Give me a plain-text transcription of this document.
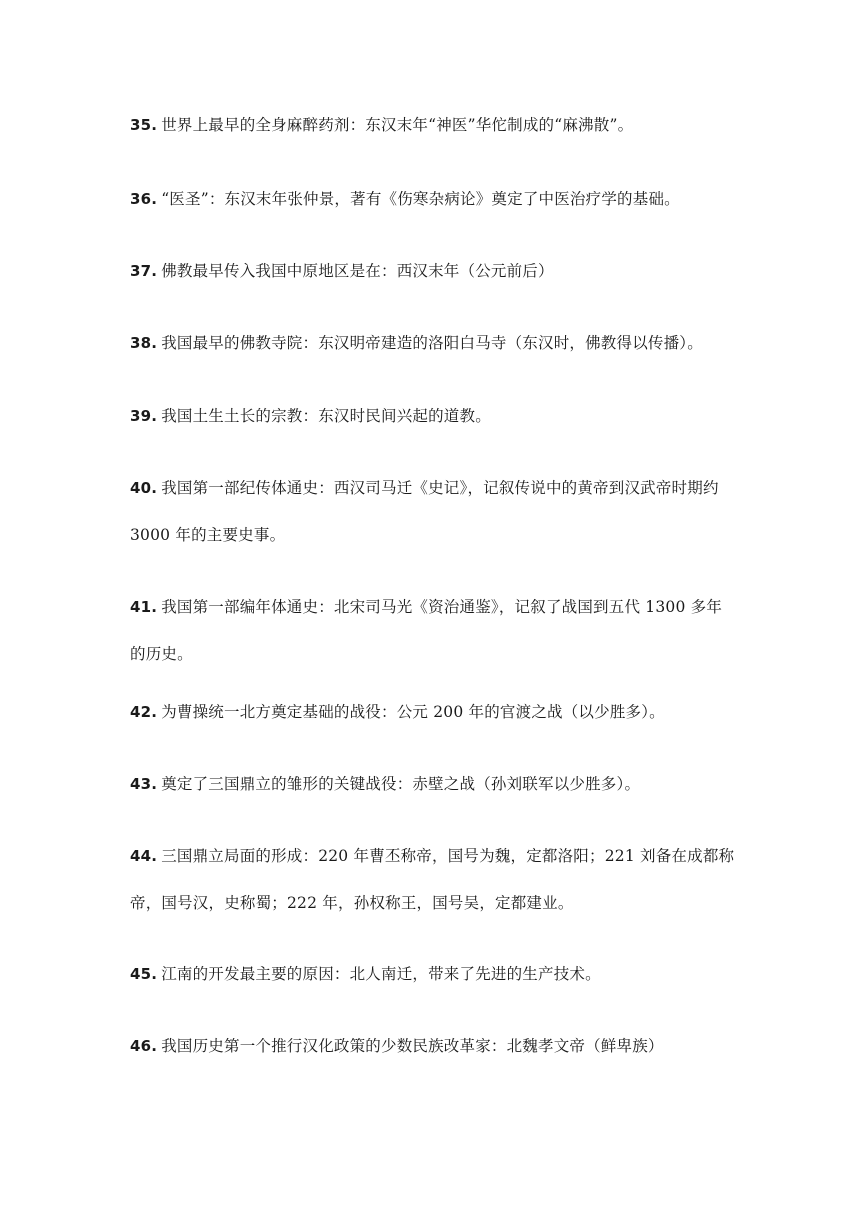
35. 世界上最早的全身麻醉药剂：东汉末年“神医”华佗制成的“麻沸散”。

36. “医圣”：东汉末年张仲景，著有《伤寒杂病论》奠定了中医治疗学的基础。

37. 佛教最早传入我国中原地区是在：西汉末年（公元前后）

38. 我国最早的佛教寺院：东汉明帝建造的洛阳白马寺（东汉时，佛教得以传播）。

39. 我国土生土长的宗教：东汉时民间兴起的道教。

40. 我国第一部纪传体通史：西汉司马迁《史记》，记叙传说中的黄帝到汉武帝时期约 3000 年的主要史事。

41. 我国第一部编年体通史：北宋司马光《资治通鉴》，记叙了战国到五代 1300 多年的历史。

42. 为曹操统一北方奠定基础的战役：公元 200 年的官渡之战（以少胜多）。

43. 奠定了三国鼎立的雏形的关键战役：赤壁之战（孙刘联军以少胜多）。

44. 三国鼎立局面的形成：220 年曹丕称帝，国号为魏，定都洛阳；221 刘备在成都称帝，国号汉，史称蜀；222 年，孙权称王，国号吴，定都建业。

45. 江南的开发最主要的原因：北人南迁，带来了先进的生产技术。

46. 我国历史第一个推行汉化政策的少数民族改革家：北魏孝文帝（鲜卑族）
